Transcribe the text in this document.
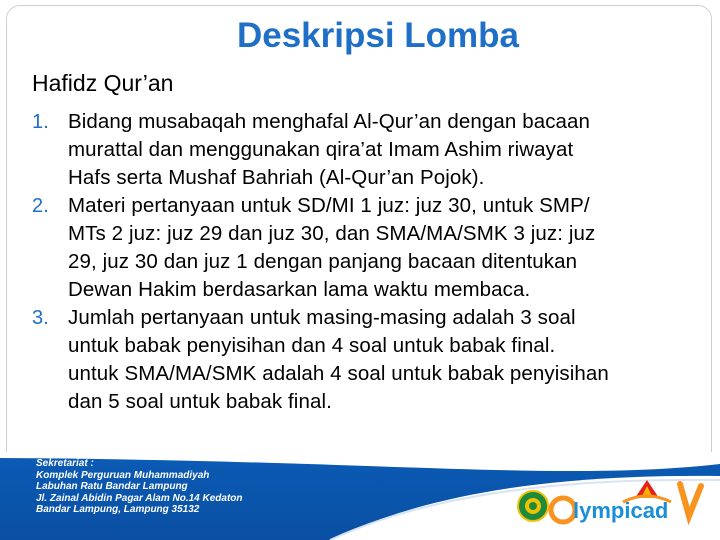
Deskripsi Lomba
Hafidz Qur’an
1. Bidang musabaqah menghafal Al-Qur’an dengan bacaan
murattal dan menggunakan qira’at Imam Ashim riwayat
Hafs serta Mushaf Bahriah (Al-Qur’an Pojok).
2. Materi pertanyaan untuk SD/MI 1 juz: juz 30, untuk SMP/
MTs 2 juz: juz 29 dan juz 30, dan SMA/MA/SMK 3 juz: juz
29, juz 30 dan juz 1 dengan panjang bacaan ditentukan
Dewan Hakim berdasarkan lama waktu membaca.
3. Jumlah pertanyaan untuk masing-masing adalah 3 soal
untuk babak penyisihan dan 4 soal untuk babak final.
untuk SMA/MA/SMK adalah 4 soal untuk babak penyisihan
dan 5 soal untuk babak final.
Sekretariat :
Komplek Perguruan Muhammadiyah
Labuhan Ratu Bandar Lampung
Jl. Zainal Abidin Pagar Alam No.14 Kedaton
Bandar Lampung, Lampung 35132	lympicad
Bandar Lampung, 13-15 Oktober 2016
